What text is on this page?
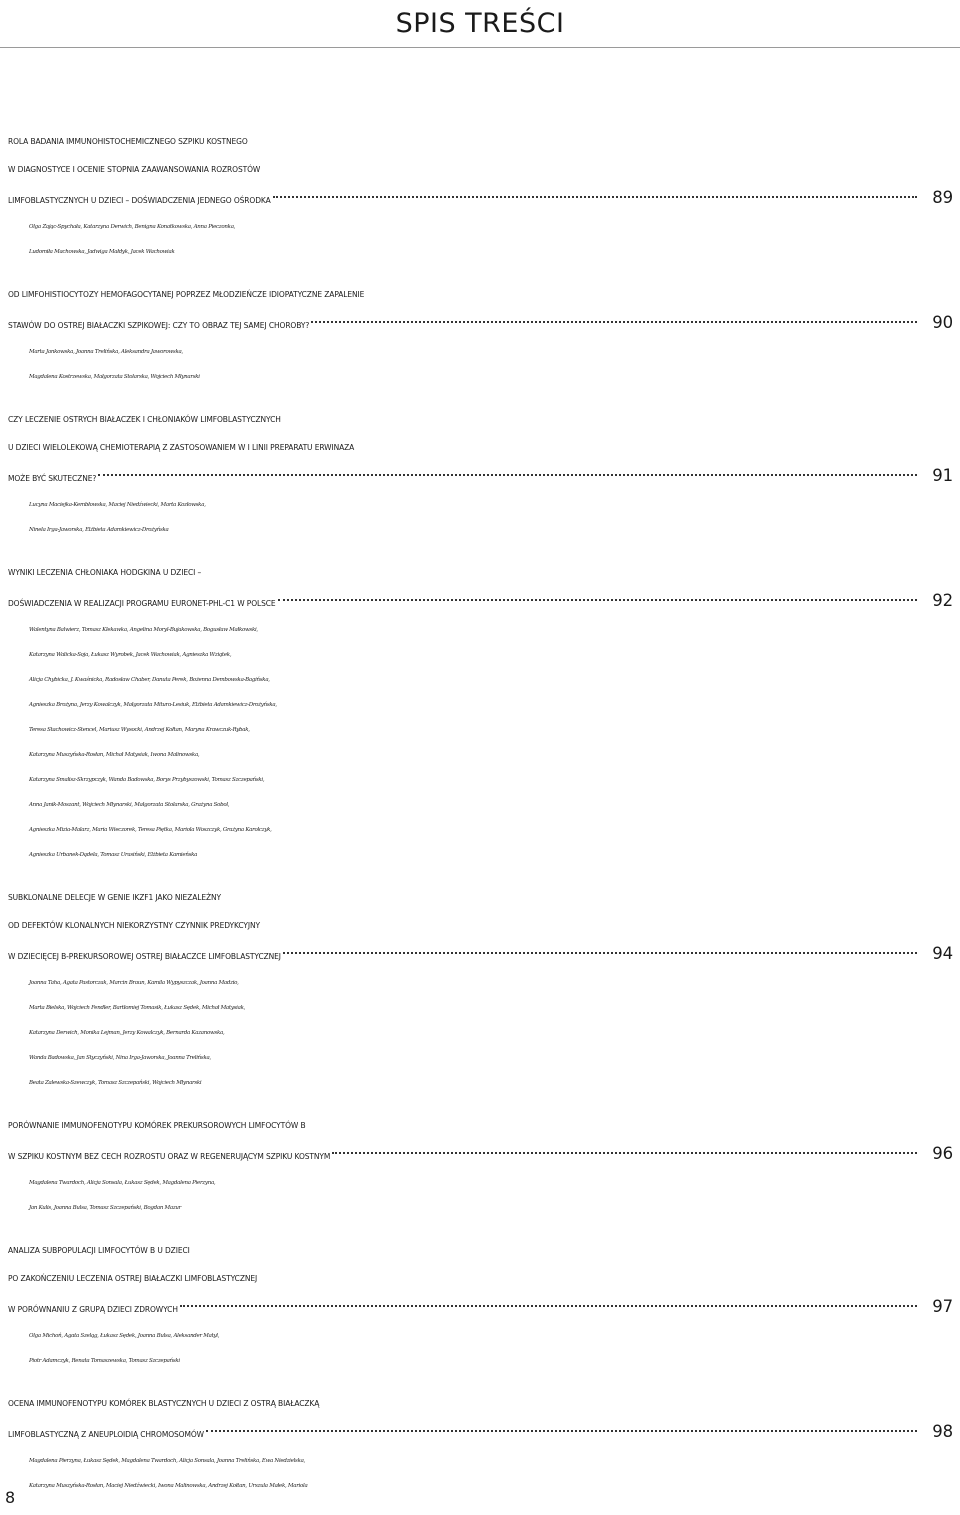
SPIS TREŚCI
ROLA BADANIA IMMUNOHISTOCHEMICZNEGO SZPIKU KOSTNEGO
W DIAGNOSTYCE I OCENIE STOPNIA ZAAWANSOWANIA ROZROSTÓW
LIMFOBLASTYCZNYCH U DZIECI – DOŚWIADCZENIA JEDNEGO OŚRODKA	89
Olga Zając-Spychała, Katarzyna Derwich, Benigna Konatkowska, Anna Pieczonka,
Ludomiła Machowska, Jadwiga Małdyk, Jacek Wachowiak
OD LIMFOHISTIOCYTOZY HEMOFAGOCYTANEJ POPRZEZ MŁODZIEŃCZE IDIOPATYCZNE ZAPALENIE
STAWÓW DO OSTREJ BIAŁACZKI SZPIKOWEJ: CZY TO OBRAZ TEJ SAMEJ CHOROBY?	90
Marta Jankowska, Joanna Trelińska, Aleksandra Jaworowska,
Magdalena Kostrzewska, Małgorzata Stolarska, Wojciech Młynarski
CZY LECZENIE OSTRYCH BIAŁACZEK I CHŁONIAKÓW LIMFOBLASTYCZNYCH
U DZIECI WIELOLEKOWĄ CHEMIOTERAPIĄ Z ZASTOSOWANIEM W I LINII PREPARATU ERWINAZA
MOŻE BYĆ SKUTECZNE?	91
Lucyna Maciejka-Kembłowska, Maciej Niedźwiecki, Marta Kozłowska,
Ninela Irga-Jaworska, Elżbieta Adamkiewicz-Drożyńska
WYNIKI LECZENIA CHŁONIAKA HODGKINA U DZIECI –
DOŚWIADCZENIA W REALIZACJI PROGRAMU EURONET-PHL-C1 W POLSCE	92
Walentyna Balwierz, Tomasz Klekawka, Angelina Moryl-Bujakowska, Bogusław Małkowski,
Katarzyna Walicka-Soja, Łukasz Wyrobek, Jacek Wachowiak, Agnieszka Wziątek,
Alicja Chybicka, J. Kwaśnicka, Radosław Chaber, Danuta Perek, Bożenna Dembowska-Bagińska,
Agnieszka Brożyna, Jerzy Kowalczyk, Małgorzata Mitura-Lesiuk, Elżbieta Adamkiewicz-Drożyńska,
Teresa Stachowicz-Stencel, Mariusz Wysocki, Andrzej Kołtan, Maryna Krawczuk-Rybak,
Katarzyna Muszyńska-Rosłan, Michał Matysiak, Iwona Malinowska,
Katarzyna Smalisz-Skrzypczyk, Wanda Badowska, Borys Przybyszowski, Tomasz Szczepański,
Anna Janik-Moszant, Wojciech Młynarski, Małgorzata Stolarska, Grażyna Sobol,
Agnieszka Mizia-Malarz, Maria Wieczorek, Teresa Piętka, Mariola Woszczyk, Grażyna Karolczyk,
Agnieszka Urbanek-Dądela, Tomasz Urasiński, Elżbieta Kamieńska
SUBKLONALNE DELECJE W GENIE IKZF1 JAKO NIEZALEŻNY
OD DEFEKTÓW KLONALNYCH NIEKORZYSTNY CZYNNIK PREDYKCYJNY
W DZIECIĘCEJ B-PREKURSOROWEJ OSTREJ BIAŁACZCE LIMFOBLASTYCZNEJ	94
Joanna Taha, Agata Pastorczak, Marcin Braun, Kamila Wypyszczak, Joanna Madzio,
Marta Bielska, Wojciech Fendler, Bartłomiej Tomasik, Łukasz Sędek, Michał Matysiak,
Katarzyna Derwich, Monika Lejman, Jerzy Kowalczyk, Bernarda Kazanowska,
Wanda Badowska, Jan Styczyński, Nina Irga-Jaworska, Joanna Trelińska,
Beata Zalewska-Szewczyk, Tomasz Szczepański, Wojciech Młynarski
PORÓWNANIE IMMUNOFENOTYPU KOMÓREK PREKURSOROWYCH LIMFOCYTÓW B
W SZPIKU KOSTNYM BEZ CECH ROZROSTU ORAZ W REGENERUJĄCYM SZPIKU KOSTNYM	96
Magdalena Twardoch, Alicja Sonsala, Łukasz Sędek, Magdalena Pierzyna,
Jan Kulis, Joanna Bulsa, Tomasz Szczepański, Bogdan Mazur
ANALIZA SUBPOPULACJI LIMFOCYTÓW B U DZIECI
PO ZAKOŃCZENIU LECZENIA OSTREJ BIAŁACZKI LIMFOBLASTYCZNEJ
W PORÓWNANIU Z GRUPĄ DZIECI ZDROWYCH	97
Olga Michoń, Agata Szeląg, Łukasz Sędek, Joanna Bulsa, Aleksander Matyl,
Piotr Adamczyk, Renata Tomaszewska, Tomasz Szczepański
OCENA IMMUNOFENOTYPU KOMÓREK BLASTYCZNYCH U DZIECI Z OSTRĄ BIAŁACZKĄ
LIMFOBLASTYCZNĄ Z ANEUPLOIDIĄ CHROMOSOMÓW	98
Magdalena Pierzyna, Łukasz Sędek, Magdalena Twardoch, Alicja Sonsala, Joanna Trelińska, Ewa Niedzielska,
Katarzyna Muszyńska-Rosłan, Maciej Niedźwiecki, Iwona Malinowska, Andrzej Kołtan, Urszula Małek, Mariola
8
